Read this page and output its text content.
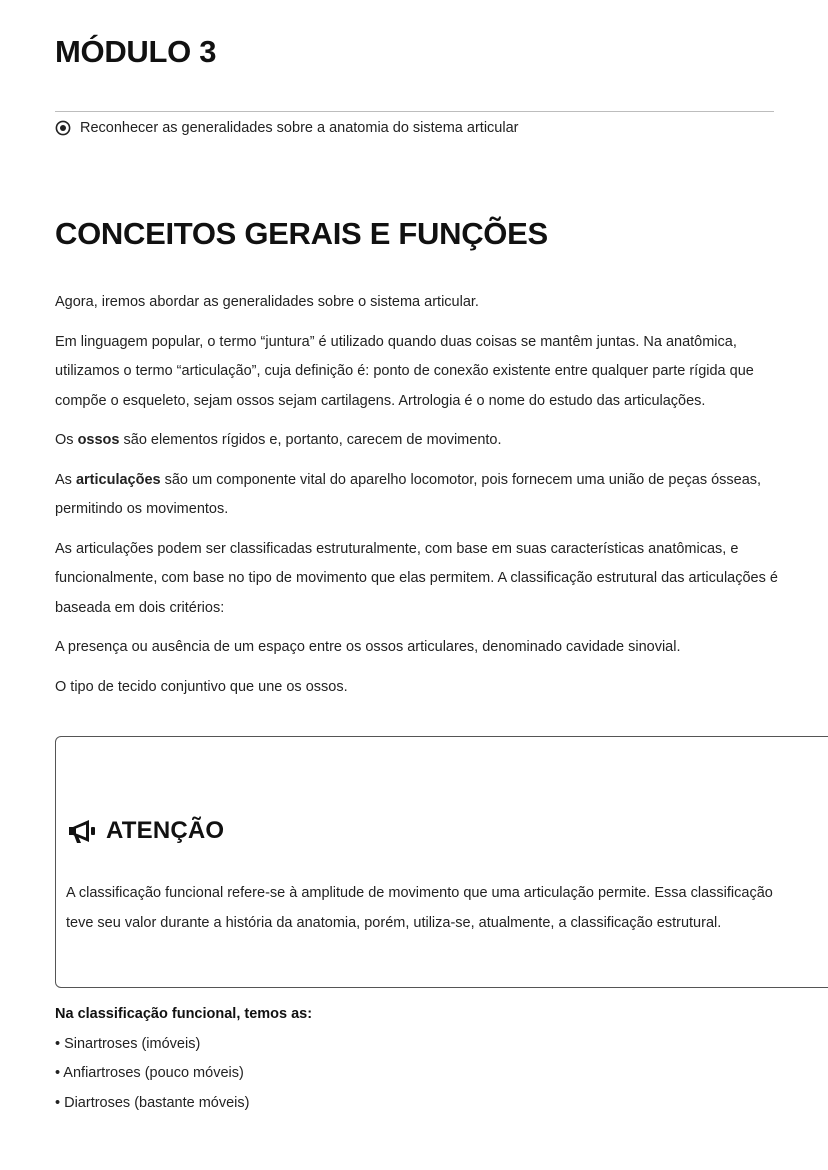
MÓDULO 3
Reconhecer as generalidades sobre a anatomia do sistema articular
CONCEITOS GERAIS E FUNÇÕES

Agora, iremos abordar as generalidades sobre o sistema articular.

Em linguagem popular, o termo “juntura” é utilizado quando duas coisas se mantêm juntas. Na anatômica, utilizamos o termo “articulação”, cuja definição é: ponto de conexão existente entre qualquer parte rígida que compõe o esqueleto, sejam ossos sejam cartilagens. Artrologia é o nome do estudo das articulações.

Os ossos são elementos rígidos e, portanto, carecem de movimento.

As articulações são um componente vital do aparelho locomotor, pois fornecem uma união de peças ósseas, permitindo os movimentos.

As articulações podem ser classificadas estruturalmente, com base em suas características anatômicas, e funcionalmente, com base no tipo de movimento que elas permitem. A classificação estrutural das articulações é baseada em dois critérios:

A presença ou ausência de um espaço entre os ossos articulares, denominado cavidade sinovial.

O tipo de tecido conjuntivo que une os ossos.

ATENÇÃO

A classificação funcional refere-se à amplitude de movimento que uma articulação permite. Essa classificação teve seu valor durante a história da anatomia, porém, utiliza-se, atualmente, a classificação estrutural.

Na classificação funcional, temos as:
• Sinartroses (imóveis)
• Anfiartroses (pouco móveis)
• Diartroses (bastante móveis)
